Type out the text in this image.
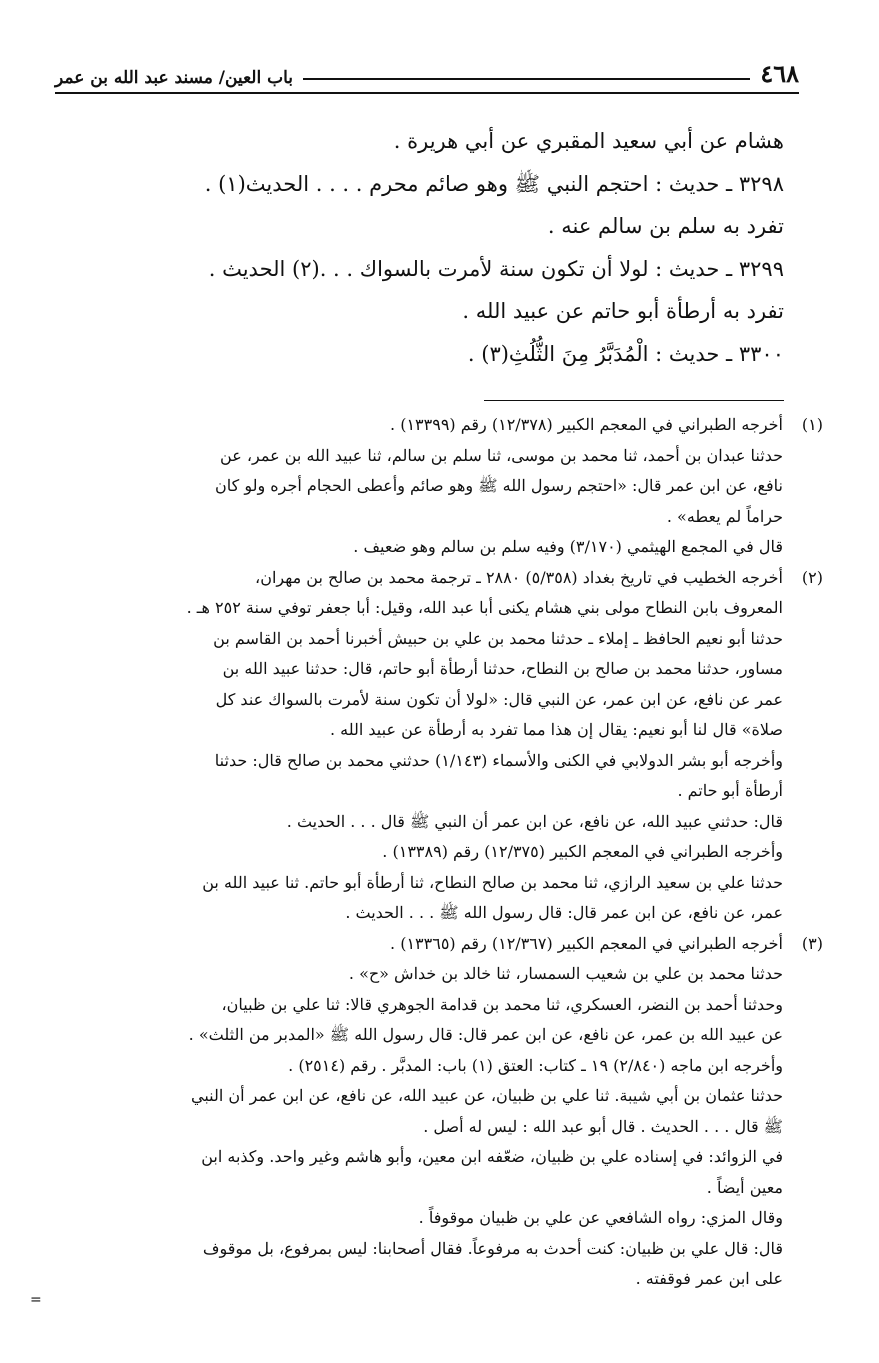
٤٦٨
باب العين/ مسند عبد الله بن عمر

هشام عن أبي سعيد المقبري عن أبي هريرة .

٣٢٩٨ ـ حديث : احتجم النبي ﷺ وهو صائم محرم . . . . الحديث(١) .

تفرد به سلم بن سالم عنه .

٣٢٩٩ ـ حديث : لولا أن تكون سنة لأمرت بالسواك . . .(٢) الحديث .

تفرد به أرطأة أبو حاتم عن عبيد الله .

٣٣٠٠ ـ حديث : الْمُدَبَّرُ مِنَ الثُّلُثِ(٣) .

(١)

أخرجه الطبراني في المعجم الكبير (١٢/٣٧٨) رقم (١٣٣٩٩) .

حدثنا عبدان بن أحمد، ثنا محمد بن موسى، ثنا سلم بن سالم، ثنا عبيد الله بن عمر، عن

نافع، عن ابن عمر قال: «احتجم رسول الله ﷺ وهو صائم وأعطى الحجام أجره ولو كان

حراماً لم يعطه» .

قال في المجمع الهيثمي (٣/١٧٠) وفيه سلم بن سالم وهو ضعيف .

(٢)

أخرجه الخطيب في تاريخ بغداد (٥/٣٥٨) ٢٨٨٠ ـ ترجمة محمد بن صالح بن مهران،

المعروف بابن النطاح مولى بني هشام يكنى أبا عبد الله، وقيل: أبا جعفر توفي سنة ٢٥٢ هـ .

حدثنا أبو نعيم الحافظ ـ إملاء ـ حدثنا محمد بن علي بن حبيش أخبرنا أحمد بن القاسم بن

مساور، حدثنا محمد بن صالح بن النطاح، حدثنا أرطأة أبو حاتم، قال: حدثنا عبيد الله بن

عمر عن نافع، عن ابن عمر، عن النبي قال: «لولا أن تكون سنة لأمرت بالسواك عند كل

صلاة» قال لنا أبو نعيم: يقال إن هذا مما تفرد به أرطأة عن عبيد الله .

وأخرجه أبو بشر الدولابي في الكنى والأسماء (١/١٤٣) حدثني محمد بن صالح قال: حدثنا

أرطأة أبو حاتم .

قال: حدثني عبيد الله، عن نافع، عن ابن عمر أن النبي ﷺ قال . . . الحديث .

وأخرجه الطبراني في المعجم الكبير (١٢/٣٧٥) رقم (١٣٣٨٩) .

حدثنا علي بن سعيد الرازي، ثنا محمد بن صالح النطاح، ثنا أرطأة أبو حاتم. ثنا عبيد الله بن

عمر، عن نافع، عن ابن عمر قال: قال رسول الله ﷺ . . . الحديث .

(٣)

أخرجه الطبراني في المعجم الكبير (١٢/٣٦٧) رقم (١٣٣٦٥) .

حدثنا محمد بن علي بن شعيب السمسار، ثنا خالد بن خداش «ح» .

وحدثنا أحمد بن النضر، العسكري، ثنا محمد بن قدامة الجوهري قالا: ثنا علي بن ظبيان،

عن عبيد الله بن عمر، عن نافع، عن ابن عمر قال: قال رسول الله ﷺ «المدبر من الثلث» .

وأخرجه ابن ماجه (٢/٨٤٠) ١٩ ـ كتاب: العتق (١) باب: المدبَّر . رقم (٢٥١٤) .

حدثنا عثمان بن أبي شيبة. ثنا علي بن ظبيان، عن عبيد الله، عن نافع، عن ابن عمر أن النبي

ﷺ قال . . . الحديث . قال أبو عبد الله : ليس له أصل .

في الزوائد: في إسناده علي بن ظبيان، ضعّفه ابن معين، وأبو هاشم وغير واحد. وكذبه ابن

معين أيضاً .

وقال المزي: رواه الشافعي عن علي بن ظبيان موقوفاً .

قال: قال علي بن ظبيان: كنت أحدث به مرفوعاً. فقال أصحابنا: ليس بمرفوع، بل موقوف

على ابن عمر فوقفته .

=
